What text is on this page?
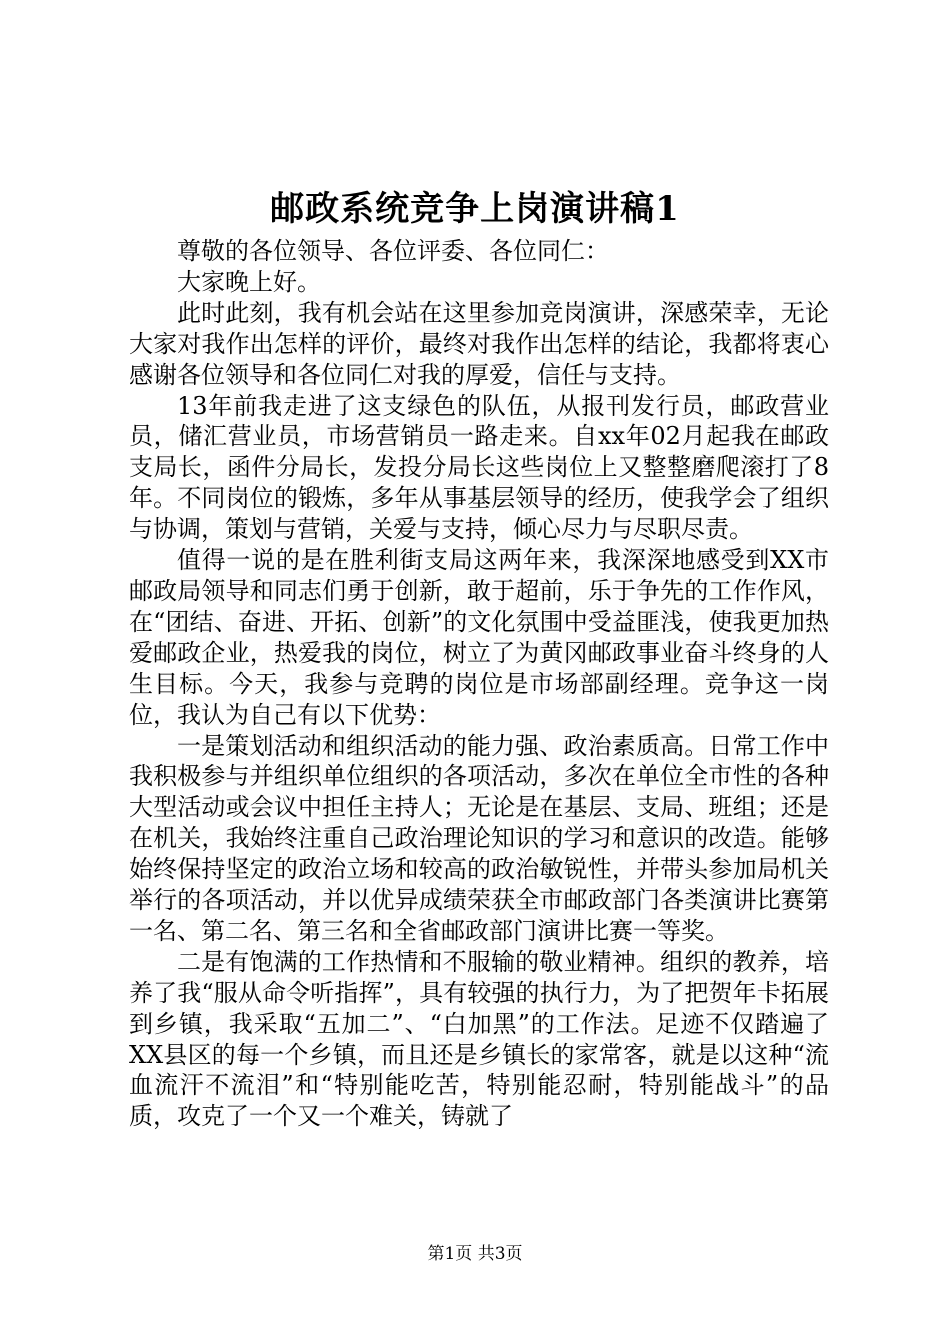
邮政系统竞争上岗演讲稿1

尊敬的各位领导、各位评委、各位同仁：

大家晚上好。

此时此刻，我有机会站在这里参加竞岗演讲，深感荣幸，无论大家对我作出怎样的评价，最终对我作出怎样的结论，我都将衷心感谢各位领导和各位同仁对我的厚爱，信任与支持。

13年前我走进了这支绿色的队伍，从报刊发行员，邮政营业员，储汇营业员，市场营销员一路走来。自xx年02月起我在邮政支局长，函件分局长，发投分局长这些岗位上又整整磨爬滚打了8年。不同岗位的锻炼，多年从事基层领导的经历，使我学会了组织与协调，策划与营销，关爱与支持，倾心尽力与尽职尽责。

值得一说的是在胜利街支局这两年来，我深深地感受到XX市邮政局领导和同志们勇于创新，敢于超前，乐于争先的工作作风，在“团结、奋进、开拓、创新”的文化氛围中受益匪浅，使我更加热爱邮政企业，热爱我的岗位，树立了为黄冈邮政事业奋斗终身的人生目标。今天，我参与竞聘的岗位是市场部副经理。竞争这一岗位，我认为自己有以下优势：

一是策划活动和组织活动的能力强、政治素质高。日常工作中我积极参与并组织单位组织的各项活动，多次在单位全市性的各种大型活动或会议中担任主持人；无论是在基层、支局、班组；还是在机关，我始终注重自己政治理论知识的学习和意识的改造。能够始终保持坚定的政治立场和较高的政治敏锐性，并带头参加局机关举行的各项活动，并以优异成绩荣获全市邮政部门各类演讲比赛第一名、第二名、第三名和全省邮政部门演讲比赛一等奖。

二是有饱满的工作热情和不服输的敬业精神。组织的教养，培养了我“服从命令听指挥”，具有较强的执行力，为了把贺年卡拓展到乡镇，我采取“五加二”、“白加黑”的工作法。足迹不仅踏遍了XX县区的每一个乡镇，而且还是乡镇长的家常客，就是以这种“流血流汗不流泪”和“特别能吃苦，特别能忍耐，特别能战斗”的品质，攻克了一个又一个难关，铸就了

第1页 共3页
